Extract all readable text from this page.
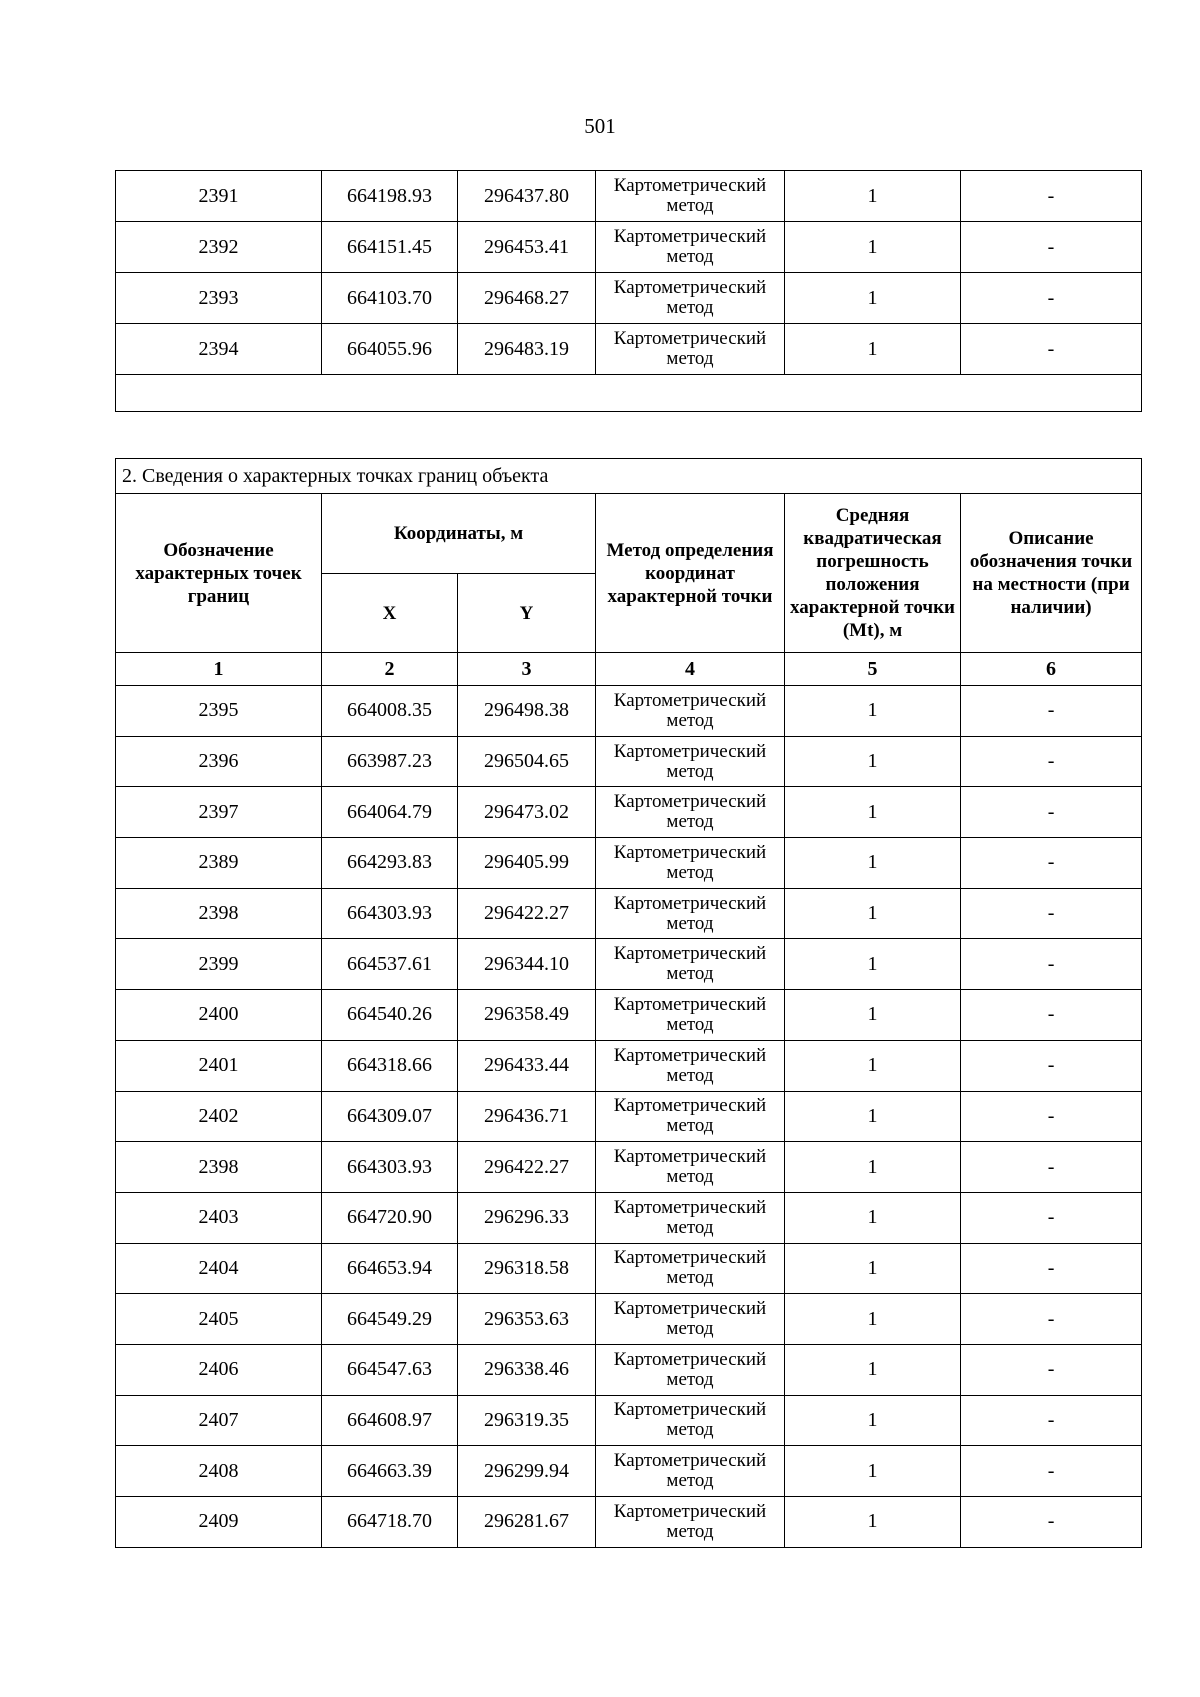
501
2391	664198.93	296437.80	Картометрический метод	1	-
2392	664151.45	296453.41	Картометрический метод	1	-
2393	664103.70	296468.27	Картометрический метод	1	-
2394	664055.96	296483.19	Картометрический метод	1	-

2. Сведения о характерных точках границ объекта					
Обозначение характерных точек границ	Координаты, м		Метод определения координат характерной точки	Средняя квадратическая погрешность положения характерной точки (Mt), м	Описание обозначения точки на местности (при наличии)
	X	Y			
1	2	3	4	5	6
2395	664008.35	296498.38	Картометрический метод	1	-
2396	663987.23	296504.65	Картометрический метод	1	-
2397	664064.79	296473.02	Картометрический метод	1	-
2389	664293.83	296405.99	Картометрический метод	1	-
2398	664303.93	296422.27	Картометрический метод	1	-
2399	664537.61	296344.10	Картометрический метод	1	-
2400	664540.26	296358.49	Картометрический метод	1	-
2401	664318.66	296433.44	Картометрический метод	1	-
2402	664309.07	296436.71	Картометрический метод	1	-
2398	664303.93	296422.27	Картометрический метод	1	-
2403	664720.90	296296.33	Картометрический метод	1	-
2404	664653.94	296318.58	Картометрический метод	1	-
2405	664549.29	296353.63	Картометрический метод	1	-
2406	664547.63	296338.46	Картометрический метод	1	-
2407	664608.97	296319.35	Картометрический метод	1	-
2408	664663.39	296299.94	Картометрический метод	1	-
2409	664718.70	296281.67	Картометрический метод	1	-
